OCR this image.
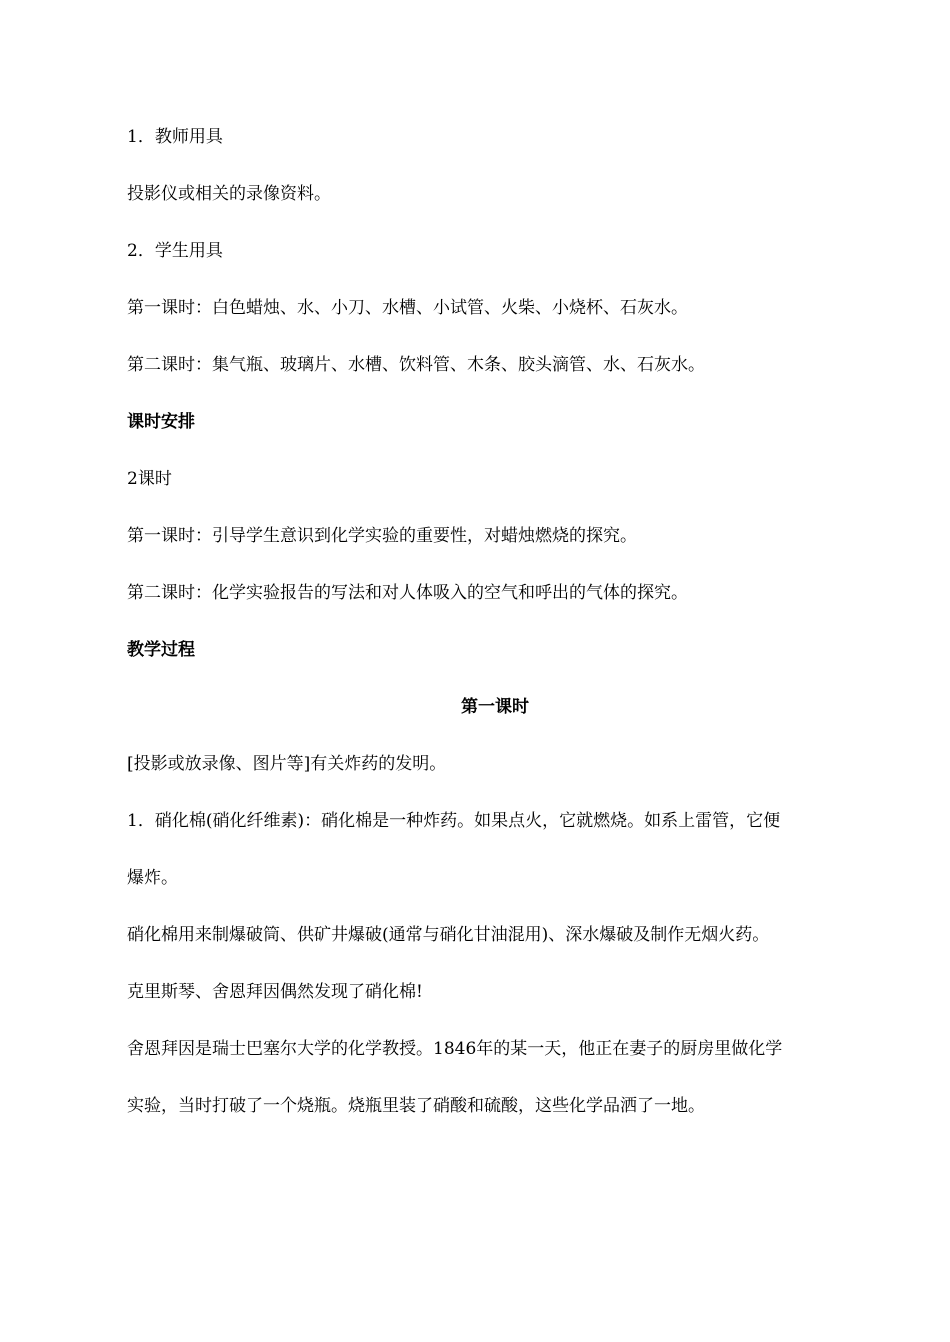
1．教师用具
投影仪或相关的录像资料。
2．学生用具
第一课时：白色蜡烛、水、小刀、水槽、小试管、火柴、小烧杯、石灰水。
第二课时：集气瓶、玻璃片、水槽、饮料管、木条、胶头滴管、水、石灰水。
课时安排
2课时
第一课时：引导学生意识到化学实验的重要性，对蜡烛燃烧的探究。
第二课时：化学实验报告的写法和对人体吸入的空气和呼出的气体的探究。
教学过程
第一课时
[投影或放录像、图片等]有关炸药的发明。
1．硝化棉(硝化纤维素)：硝化棉是一种炸药。如果点火，它就燃烧。如系上雷管，它便
爆炸。
硝化棉用来制爆破筒、供矿井爆破(通常与硝化甘油混用)、深水爆破及制作无烟火药。
克里斯琴、舍恩拜因偶然发现了硝化棉!
舍恩拜因是瑞士巴塞尔大学的化学教授。1846年的某一天，他正在妻子的厨房里做化学
实验，当时打破了一个烧瓶。烧瓶里装了硝酸和硫酸，这些化学品洒了一地。
